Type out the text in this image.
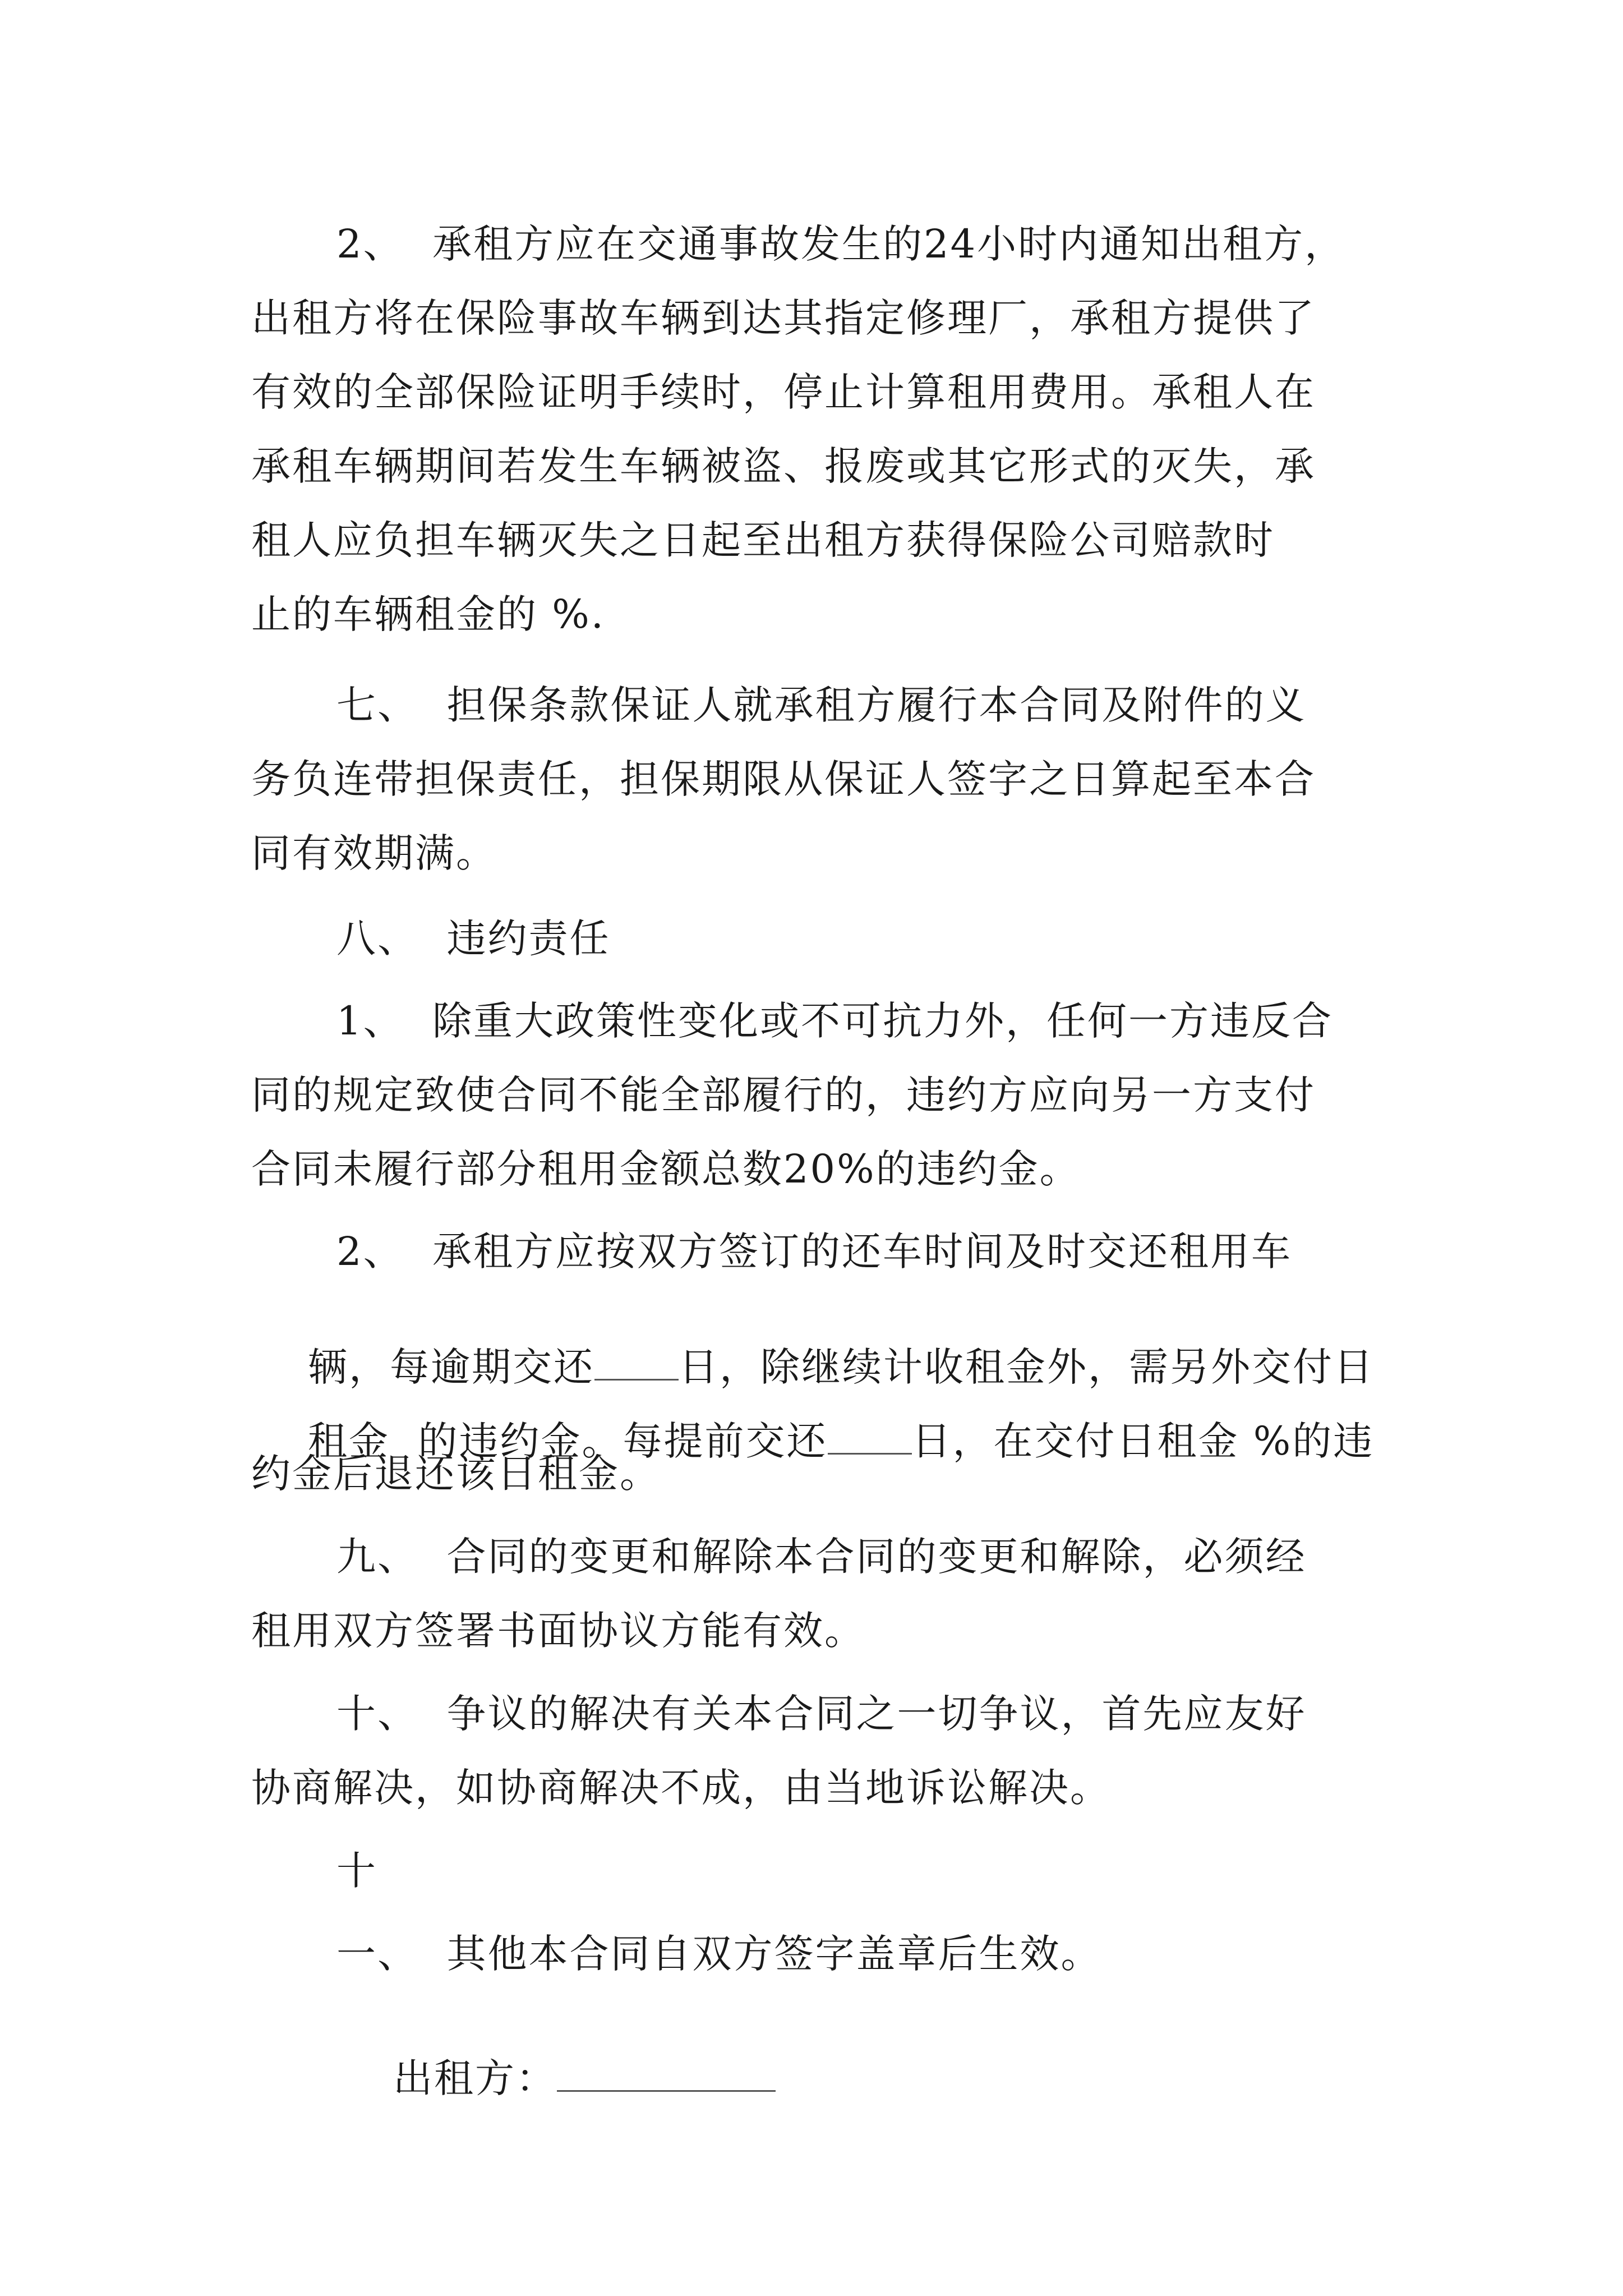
2、  承租方应在交通事故发生的24小时内通知出租方，
出租方将在保险事故车辆到达其指定修理厂，承租方提供了
有效的全部保险证明手续时，停止计算租用费用。承租人在
承租车辆期间若发生车辆被盗、报废或其它形式的灭失，承
租人应负担车辆灭失之日起至出租方获得保险公司赔款时
止的车辆租金的 %.
七、  担保条款保证人就承租方履行本合同及附件的义
务负连带担保责任，担保期限从保证人签字之日算起至本合
同有效期满。
八、  违约责任
1、  除重大政策性变化或不可抗力外，任何一方违反合
同的规定致使合同不能全部履行的，违约方应向另一方支付
合同未履行部分租用金额总数20%的违约金。
2、  承租方应按双方签订的还车时间及时交还租用车

辆，每逾期交还 日，除继续计收租金外，需另外交付日

租金  的违约金。每提前交还 日，在交付日租金 %的违

约金后退还该日租金。
九、  合同的变更和解除本合同的变更和解除，必须经
租用双方签署书面协议方能有效。
十、  争议的解决有关本合同之一切争议，首先应友好
协商解决，如协商解决不成，由当地诉讼解决。
十
一、  其他本合同自双方签字盖章后生效。

出租方：
